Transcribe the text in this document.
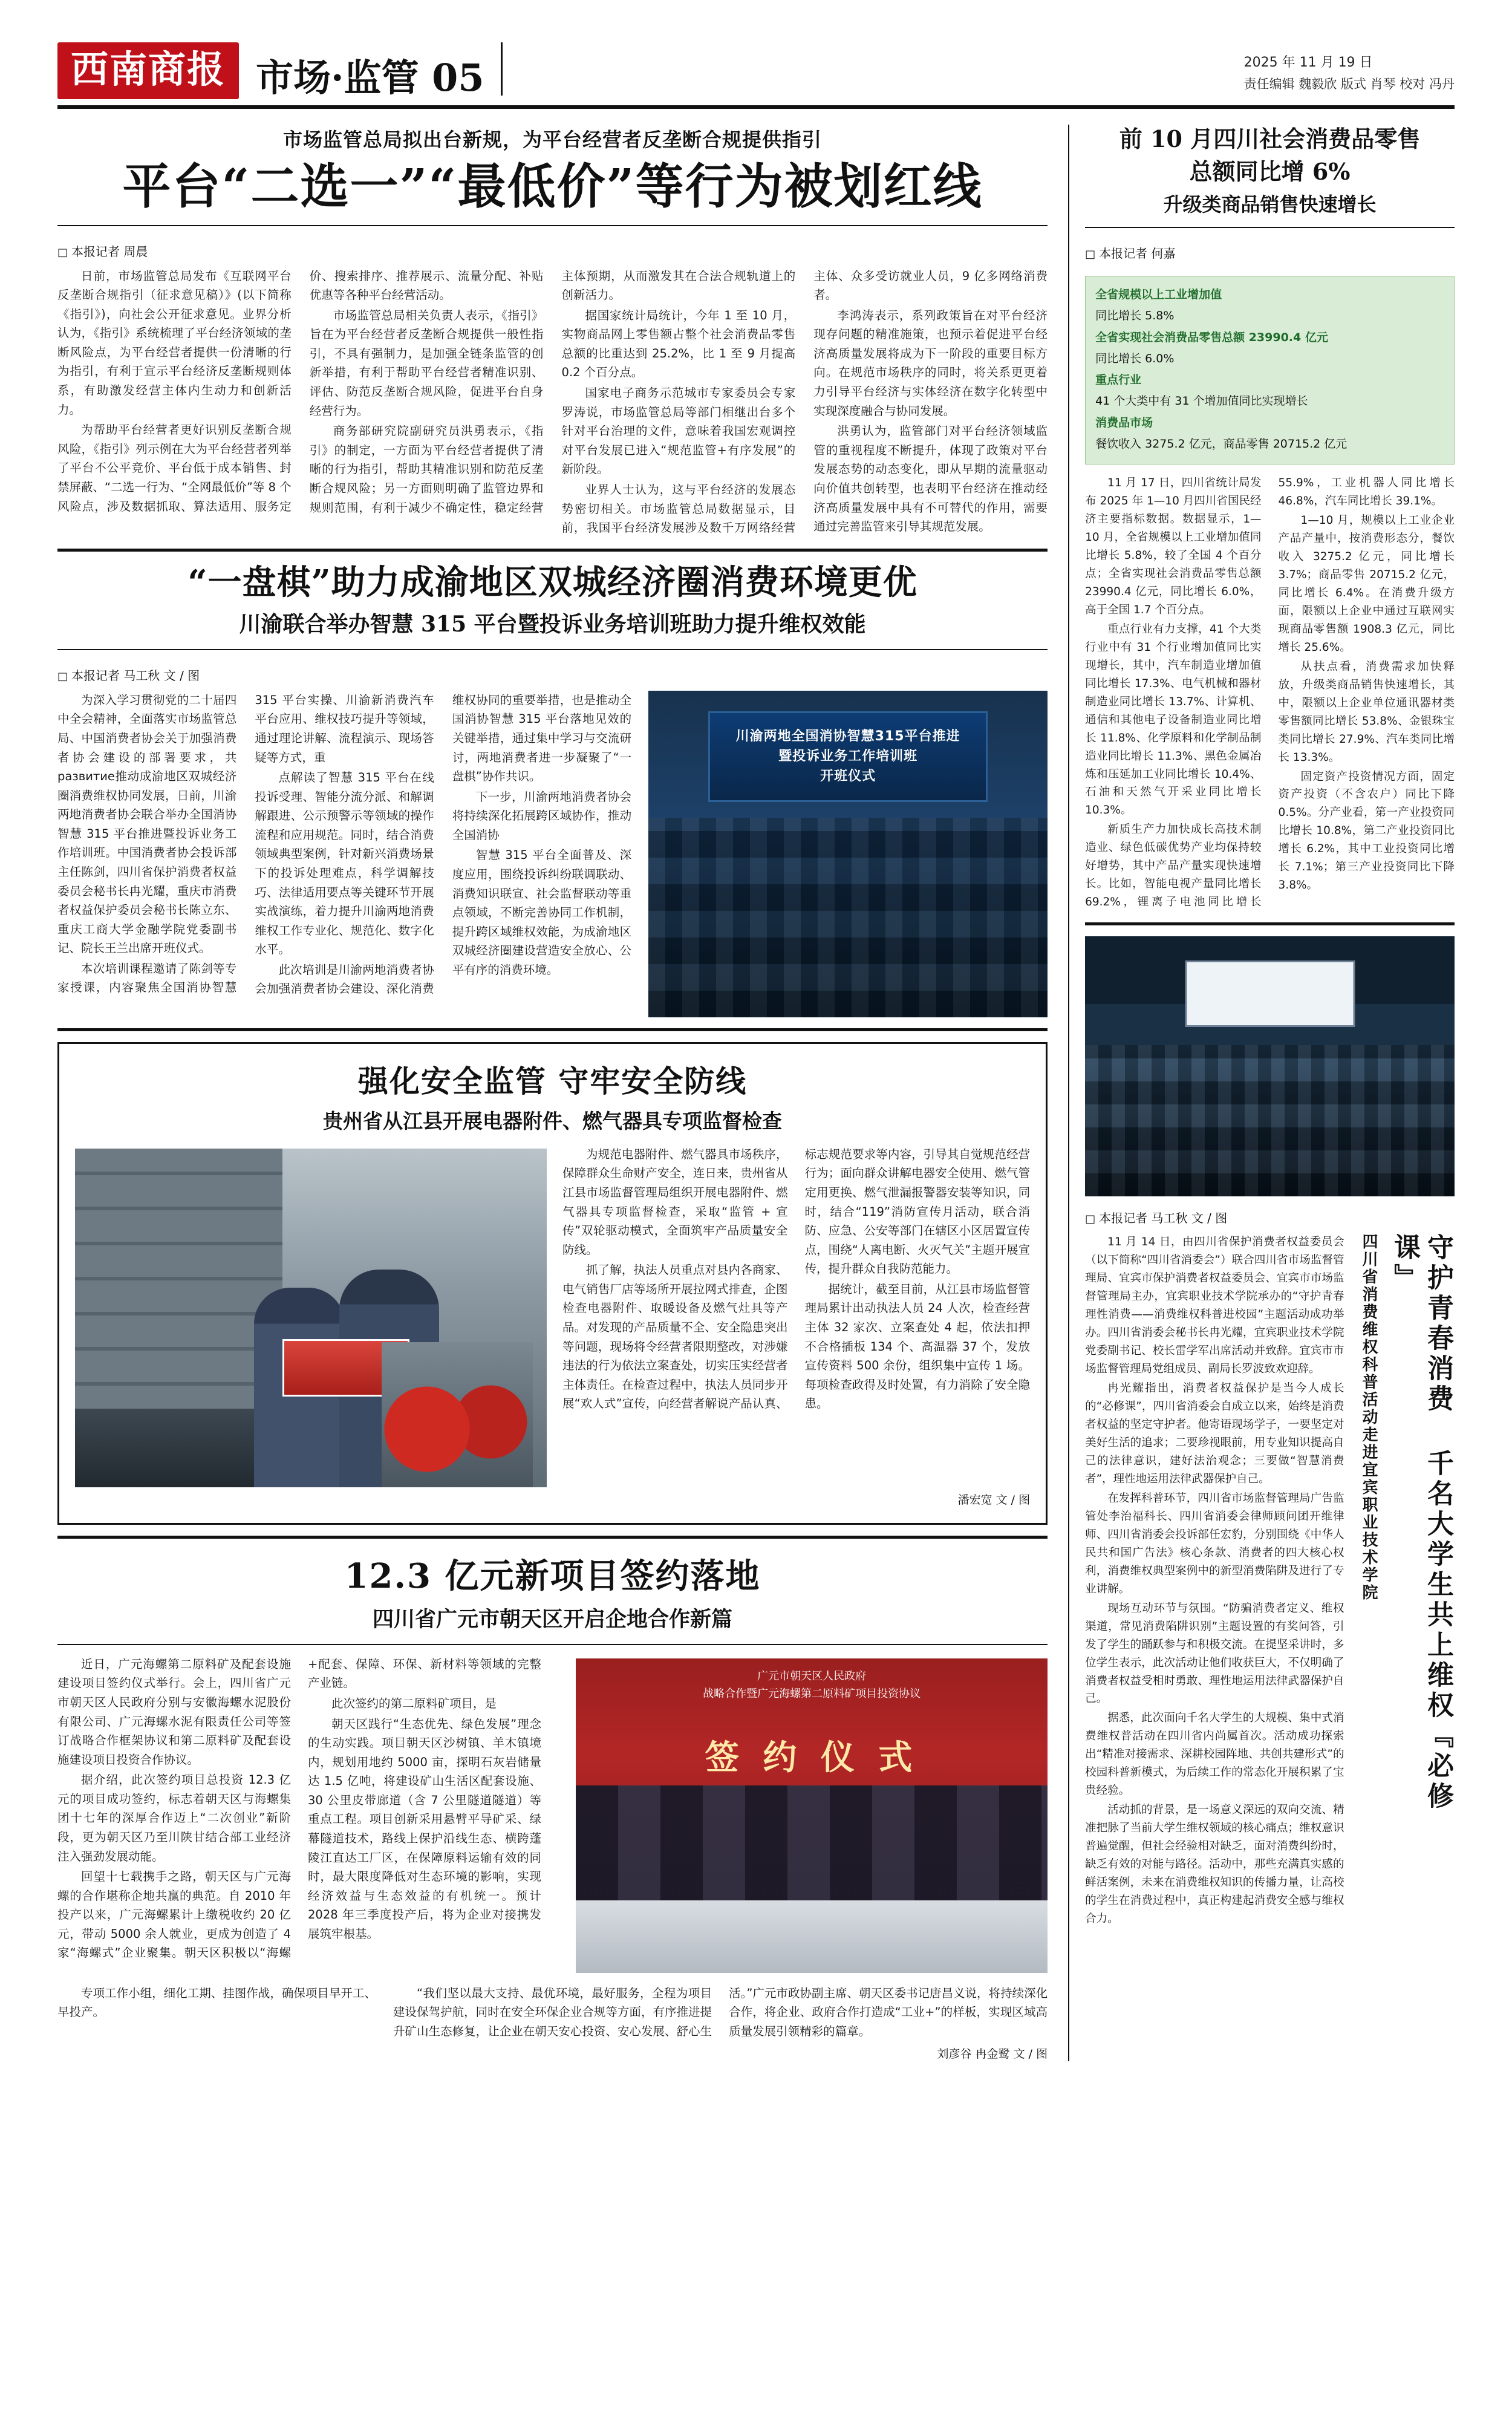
西南商报 市场·监管 05	2025 年 11 月 19 日
责任编辑 魏毅欣 版式 肖琴 校对 冯丹
市场监管总局拟出台新规，为平台经营者反垄断合规提供指引
平台“二选一”“最低价”等行为被划红线
□ 本报记者 周晨

日前，市场监管总局发布《互联网平台反垄断合规指引（征求意见稿）》(以下简称《指引》)，向社会公开征求意见。业界分析认为，《指引》系统梳理了平台经济领域的垄断风险点，为平台经营者提供一份清晰的行为指引，有利于宣示平台经济反垄断规则体系，有助激发经营主体内生动力和创新活力。

为帮助平台经营者更好识别反垄断合规风险，《指引》列示例在大为平台经营者列举了平台不公平竞价、平台低于成本销售、封禁屏蔽、“二选一行为、“全网最低价”等 8 个风险点，涉及数据抓取、算法适用、服务定价、搜索排序、推荐展示、流量分配、补贴优惠等各种平台经营活动。

市场监管总局相关负责人表示，《指引》旨在为平台经营者反垄断合规提供一般性指引，不具有强制力，是加强全链条监管的创新举措，有利于帮助平台经营者精准识别、评估、防范反垄断合规风险，促进平台自身经营行为。

商务部研究院副研究员洪勇表示，《指引》的制定，一方面为平台经营者提供了清晰的行为指引，帮助其精准识别和防范反垄断合规风险；另一方面则明确了监管边界和规则范围，有利于减少不确定性，稳定经营主体预期，从而激发其在合法合规轨道上的创新活力。

据国家统计局统计，今年 1 至 10 月，实物商品网上零售额占整个社会消费品零售总额的比重达到 25.2%，比 1 至 9 月提高 0.2 个百分点。

国家电子商务示范城市专家委员会专家罗涛说，市场监管总局等部门相继出台多个针对平台治理的文件，意味着我国宏观调控对平台发展已进入“规范监管+有序发展”的新阶段。

业界人士认为，这与平台经济的发展态势密切相关。市场监管总局数据显示，目前，我国平台经济发展涉及数千万网络经营主体、众多受访就业人员，9 亿多网络消费者。

李鸿涛表示，系列政策旨在对平台经济现存问题的精准施策，也预示着促进平台经济高质量发展将成为下一阶段的重要目标方向。在规范市场秩序的同时，将关系更更着力引导平台经济与实体经济在数字化转型中实现深度融合与协同发展。

洪勇认为，监管部门对平台经济领域监管的重视程度不断提升，体现了政策对平台发展态势的动态变化，即从早期的流量驱动向价值共创转型，也表明平台经济在推动经济高质量发展中具有不可替代的作用，需要通过完善监管来引导其规范发展。

“一盘棋”助力成渝地区双城经济圈消费环境更优
川渝联合举办智慧 315 平台暨投诉业务培训班助力提升维权效能
□ 本报记者 马工秋 文 / 图

为深入学习贯彻党的二十届四中全会精神，全面落实市场监管总局、中国消费者协会关于加强消费者协会建设的部署要求，共развитие推动成渝地区双城经济圈消费维权协同发展，日前，川渝两地消费者协会联合举办全国消协智慧 315 平台推进暨投诉业务工作培训班。中国消费者协会投诉部主任陈剑，四川省保护消费者权益委员会秘书长冉光耀，重庆市消费者权益保护委员会秘书长陈立东、重庆工商大学金融学院党委副书记、院长王兰出席开班仪式。

本次培训课程邀请了陈剑等专家授课，内容聚焦全国消协智慧 315 平台实操、川渝新消费汽车平台应用、维权技巧提升等领域，通过理论讲解、流程演示、现场答疑等方式，重

点解读了智慧 315 平台在线投诉受理、智能分流分派、和解调解跟进、公示预警示等领域的操作流程和应用规范。同时，结合消费领域典型案例，针对新兴消费场景下的投诉处理难点，科学调解技巧、法律适用要点等关键环节开展实战演练，着力提升川渝两地消费维权工作专业化、规范化、数字化水平。

此次培训是川渝两地消费者协会加强消费者协会建设、深化消费维权协同的重要举措，也是推动全国消协智慧 315 平台落地见效的关键举措，通过集中学习与交流研讨，两地消费者进一步凝聚了“一盘棋”协作共识。

下一步，川渝两地消费者协会将持续深化拓展跨区域协作，推动全国消协

智慧 315 平台全面普及、深度应用，围绕投诉纠纷联调联动、消费知识联宣、社会监督联动等重点领域，不断完善协同工作机制，提升跨区域维权效能，为成渝地区双城经济圈建设营造安全放心、公平有序的消费环境。

川渝两地全国消协智慧315平台推进
暨投诉业务工作培训班
开班仪式
强化安全监管 守牢安全防线
贵州省从江县开展电器附件、燃气器具专项监督检查

为规范电器附件、燃气器具市场秩序，保障群众生命财产安全，连日来，贵州省从江县市场监督管理局组织开展电器附件、燃气器具专项监督检查，采取“监管 + 宣传”双轮驱动模式，全面筑牢产品质量安全防线。

抓了解，执法人员重点对县内各商家、电气销售厂店等场所开展拉网式排查，企图检查电器附件、取暖设备及燃气灶具等产品。对发现的产品质量不全、安全隐患突出等问题，现场将令经营者限期整改，对涉嫌违法的行为依法立案查处，切实压实经营者主体责任。在检查过程中，执法人员同步开展“欢人式”宣传，向经营者解说产品认真、标志规范要求等内容，引导其自觉规范经营行为；面向群众讲解电器安全使用、燃气管定用更换、燃气泄漏报警器安装等知识，同时，结合“119”消防宣传月活动，联合消防、应急、公安等部门在辖区小区居置宣传点，围绕“人离电断、火灭气关”主题开展宣传，提升群众自我防范能力。

据统计，截至目前，从江县市场监督管理局累计出动执法人员 24 人次，检查经营主体 32 家次、立案查处 4 起，依法扣押不合格插板 134 个、高温器 37 个，发放宣传资料 500 余份，组织集中宣传 1 场。每项检查政得及时处置，有力消除了安全隐患。

潘宏宽 文 / 图
12.3 亿元新项目签约落地
四川省广元市朝天区开启企地合作新篇
广元市朝天区人民政府
战略合作暨广元海螺第二原料矿项目投资协议
签 约 仪 式

近日，广元海螺第二原料矿及配套设施建设项目签约仪式举行。会上，四川省广元市朝天区人民政府分别与安徽海螺水泥股份有限公司、广元海螺水泥有限责任公司等签订战略合作框架协议和第二原料矿及配套设施建设项目投资合作协议。

据介绍，此次签约项目总投资 12.3 亿元的项目成功签约，标志着朝天区与海螺集团十七年的深厚合作迈上“二次创业”新阶段，更为朝天区乃至川陕甘结合部工业经济注入强劲发展动能。

回望十七载携手之路，朝天区与广元海螺的合作堪称企地共赢的典范。自 2010 年投产以来，广元海螺累计上缴税收约 20 亿元，带动 5000 余人就业，更成为创造了 4 家“海螺式”企业聚集。朝天区积极以“海螺+配套、保障、环保、新材料等领域的完整产业链。

此次签约的第二原料矿项目，是

朝天区践行“生态优先、绿色发展”理念的生动实践。项目朝天区沙树镇、羊木镇境内，规划用地约 5000 亩，探明石灰岩储量达 1.5 亿吨，将建设矿山生活区配套设施、30 公里皮带廊道（含 7 公里隧道隧道）等重点工程。项目创新采用悬臂平导矿采、绿幕隧道技术，路线上保护沿线生态、横跨蓬陵江直达工厂区，在保障原料运输有效的同时，最大限度降低对生态环境的影响，实现经济效益与生态效益的有机统一。预计 2028 年三季度投产后，将为企业对接携发展筑牢根基。

专项工作小组，细化工期、挂图作战，确保项目早开工、早投产。

“我们坚以最大支持、最优环境，最好服务，全程为项目建设保驾护航，同时在安全环保企业合规等方面，有序推进提升矿山生态修复，让企业在朝天安心投资、安心发展、舒心生活。”广元市政协副主席、朝天区委书记唐昌义说，将持续深化合作，将企业、政府合作打造成“工业+”的样板，实现区域高质量发展引领精彩的篇章。

刘彦谷 冉金鹭 文 / 图
前 10 月四川社会消费品零售
总额同比增 6%
升级类商品销售快速增长
□ 本报记者 何嘉
全省规模以上工业增加值
同比增长 5.8%
全省实现社会消费品零售总额 23990.4 亿元
同比增长 6.0%
重点行业
41 个大类中有 31 个增加值同比实现增长
消费品市场
餐饮收入 3275.2 亿元，商品零售 20715.2 亿元

11 月 17 日，四川省统计局发布 2025 年 1—10 月四川省国民经济主要指标数据。数据显示，1—10 月，全省规模以上工业增加值同比增长 5.8%，较了全国 4 个百分点；全省实现社会消费品零售总额 23990.4 亿元，同比增长 6.0%，高于全国 1.7 个百分点。

重点行业有力支撑，41 个大类行业中有 31 个行业增加值同比实现增长，其中，汽车制造业增加值同比增长 17.3%、电气机械和器材制造业同比增长 13.7%、计算机、通信和其他电子设备制造业同比增长 11.8%、化学原料和化学制品制造业同比增长 11.3%、黑色金属冶炼和压延加工业同比增长 10.4%、石油和天然气开采业同比增长 10.3%。

新质生产力加快成长高技术制造业、绿色低碳优势产业均保持较好增势，其中产品产量实现快速增长。比如，智能电视产量同比增长 69.2%，锂离子电池同比增长 55.9%，工业机器人同比增长 46.8%，汽车同比增长 39.1%。

1—10 月，规模以上工业企业产品产量中，按消费形态分，餐饮收入 3275.2 亿元，同比增长 3.7%；商品零售 20715.2 亿元，同比增长 6.4%。在消费升级方面，限额以上企业中通过互联网实现商品零售额 1908.3 亿元，同比增长 25.6%。

从扶点看，消费需求加快释放，升级类商品销售快速增长，其中，限额以上企业单位通讯器材类零售额同比增长 53.8%、金银珠宝类同比增长 27.9%、汽车类同比增长 13.3%。

固定资产投资情况方面，固定资产投资（不含农户）同比下降 0.5%。分产业看，第一产业投资同比增长 10.8%，第二产业投资同比增长 6.2%，其中工业投资同比增长 7.1%；第三产业投资同比下降 3.8%。

□ 本报记者 马工秋 文 / 图

11 月 14 日，由四川省保护消费者权益委员会（以下简称“四川省消委会”）联合四川省市场监督管理局、宜宾市保护消费者权益委员会、宜宾市市场监督管理局主办，宜宾职业技术学院承办的“守护青春 理性消费——消费维权科普进校园”主题活动成功举办。四川省消委会秘书长冉光耀，宜宾职业技术学院党委副书记、校长雷学军出席活动并致辞。宜宾市市场监督管理局党组成员、副局长罗波致欢迎辞。

冉光耀指出，消费者权益保护是当今人成长的“必修课”，四川省消委会自成立以来，始终是消费者权益的坚定守护者。他寄语现场学子，一要坚定对美好生活的追求；二要珍视眼前，用专业知识提高自己的法律意识，建好法治观念；三要做“智慧消费者”，理性地运用法律武器保护自己。

在发挥科普环节，四川省市场监督管理局广告监管处李治福科长、四川省消委会律师顾问团开维律师、四川省消委会投诉部任宏豹，分别围绕《中华人民共和国广告法》核心条款、消费者的四大核心权利，消费维权典型案例中的新型消费陷阱及进行了专业讲解。

现场互动环节与氛围。“防骗消费者定义、维权渠道，常见消费陷阱识别”主题设置的有奖问答，引发了学生的踊跃参与和积极交流。在提坚采讲时，多位学生表示，此次活动让他们收获巨大，不仅明确了消费者权益受相时勇敢、理性地运用法律武器保护自己。

据悉，此次面向千名大学生的大规模、集中式消费维权普活动在四川省内尚属首次。活动成功探索出“精准对接需求、深耕校园阵地、共创共建形式”的校园科普新模式，为后续工作的常态化开展积累了宝贵经验。

活动抓的背景，是一场意义深远的双向交流、精准把脉了当前大学生维权领域的核心痛点；维权意识普遍觉醒，但社会经验相对缺乏，面对消费纠纷时，缺乏有效的对能与路径。活动中，那些充满真实感的鲜活案例，未来在消费维权知识的传播力量，让高校的学生在消费过程中，真正构建起消费安全感与维权合力。

四川省消费维权科普活动走进宜宾职业技术学院	守护青春消费 千名大学生共上维权『必修课』
